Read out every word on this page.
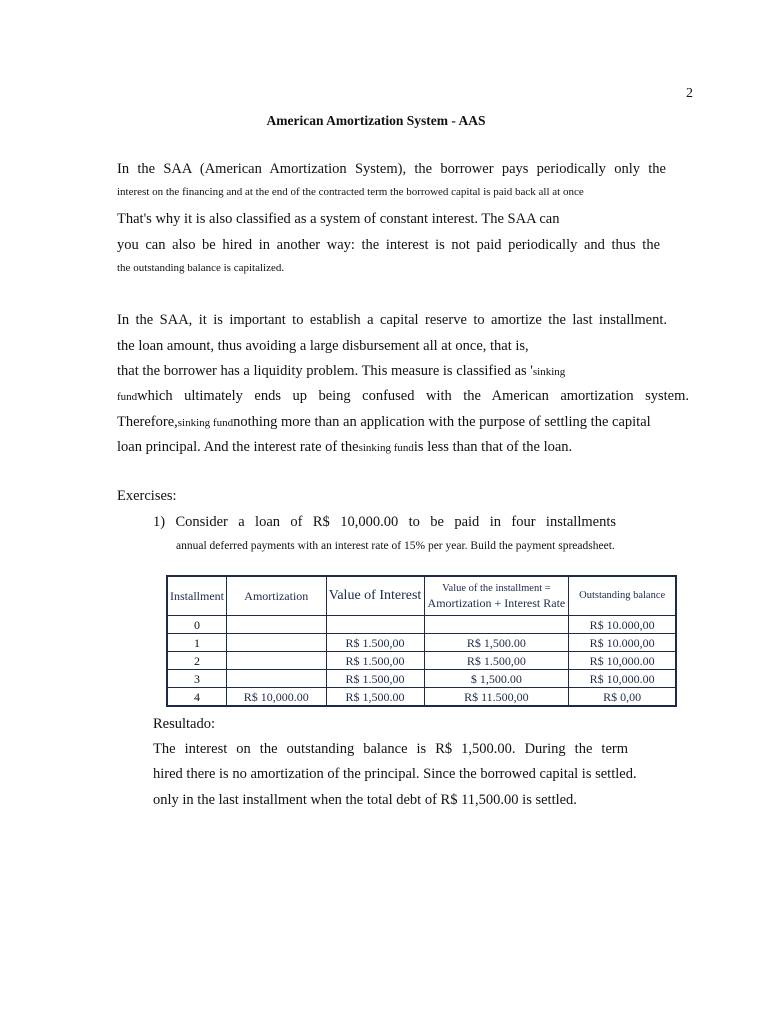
2
American Amortization System - AAS
In the SAA (American Amortization System), the borrower pays periodically only the
interest on the financing and at the end of the contracted term the borrowed capital is paid back all at once
That's why it is also classified as a system of constant interest. The SAA can
you can also be hired in another way: the interest is not paid periodically and thus the
the outstanding balance is capitalized.
In the SAA, it is important to establish a capital reserve to amortize the last installment.
the loan amount, thus avoiding a large disbursement all at once, that is,
that the borrower has a liquidity problem. This measure is classified as 'sinking
fundwhich ultimately ends up being confused with the American amortization system.
Therefore,sinking fundnothing more than an application with the purpose of settling the capital
loan principal. And the interest rate of thesinking fundis less than that of the loan.
Exercises:
1) Consider a loan of R$ 10,000.00 to be paid in four installments
annual deferred payments with an interest rate of 15% per year. Build the payment spreadsheet.
Installment	Amortization	Value of Interest	Value of the installment =
Amortization + Interest Rate	Outstanding balance
0				R$ 10.000,00
1		R$ 1.500,00	R$ 1,500.00	R$ 10.000,00
2		R$ 1.500,00	R$ 1.500,00	R$ 10,000.00
3		R$ 1.500,00	$ 1,500.00	R$ 10,000.00
4	R$ 10,000.00	R$ 1,500.00	R$ 11.500,00	R$ 0,00
Resultado:
The interest on the outstanding balance is R$ 1,500.00. During the term
hired there is no amortization of the principal. Since the borrowed capital is settled.
only in the last installment when the total debt of R$ 11,500.00 is settled.
